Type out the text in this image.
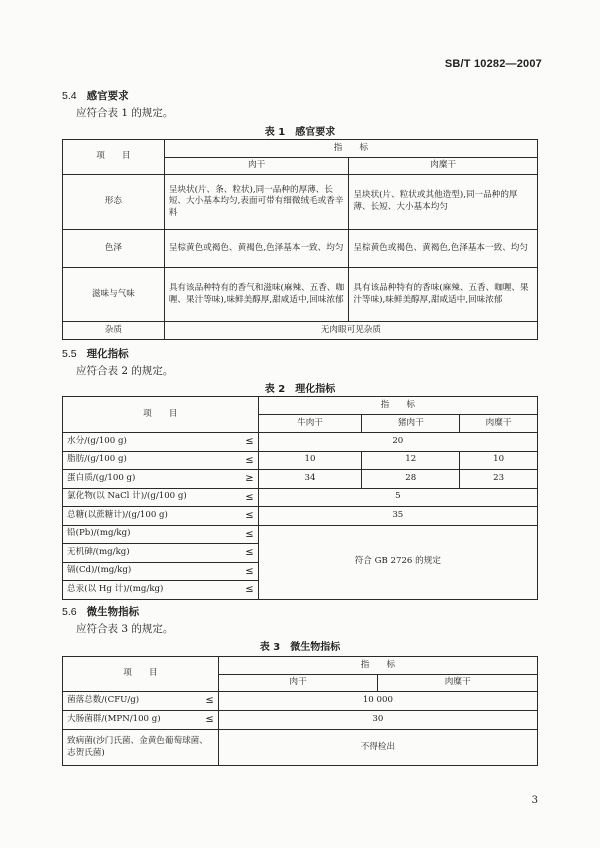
SB/T 10282—2007
5.4 感官要求
应符合表 1 的规定。
表 1　感官要求
项　　目	指　　标	
	肉干	肉糜干
形态	呈块状(片、条、粒状),同一品种的厚薄、长短、大小基本均匀,表面可带有细微绒毛或香辛料	呈块状(片、粒状或其他造型),同一品种的厚薄、长短、大小基本均匀
色泽	呈棕黄色或褐色、黄褐色,色泽基本一致、均匀	呈棕黄色或褐色、黄褐色,色泽基本一致、均匀
滋味与气味	具有该品种特有的香气和滋味(麻辣、五香、咖喱、果汁等味),味鲜美醇厚,甜咸适中,回味浓郁	具有该品种特有的香味(麻辣、五香、咖喱、果汁等味),味鲜美醇厚,甜咸适中,回味浓郁
杂质	无肉眼可见杂质	
5.5 理化指标
应符合表 2 的规定。
表 2　理化指标
项　　目	指　　标		
	牛肉干	猪肉干	肉糜干

水分/(g/100 g) ≤	20		

脂肪/(g/100 g) ≤	10	12	10

蛋白质/(g/100 g) ≥	34	28	23

氯化物(以 NaCl 计)/(g/100 g) ≤	5		

总糖(以蔗糖计)/(g/100 g) ≤	35		

铅(Pb)/(mg/kg) ≤	符合 GB 2726 的规定		

无机砷/(mg/kg) ≤			

镉(Cd)/(mg/kg) ≤			

总汞(以 Hg 计)/(mg/kg) ≤			
5.6 微生物指标
应符合表 3 的规定。
表 3　微生物指标
项　　目	指　　标	
	肉干	肉糜干

菌落总数/(CFU/g) ≤	10 000	

大肠菌群/(MPN/100 g) ≤	30	
致病菌(沙门氏菌、金黄色葡萄球菌、志贺氏菌)	不得检出	
3
